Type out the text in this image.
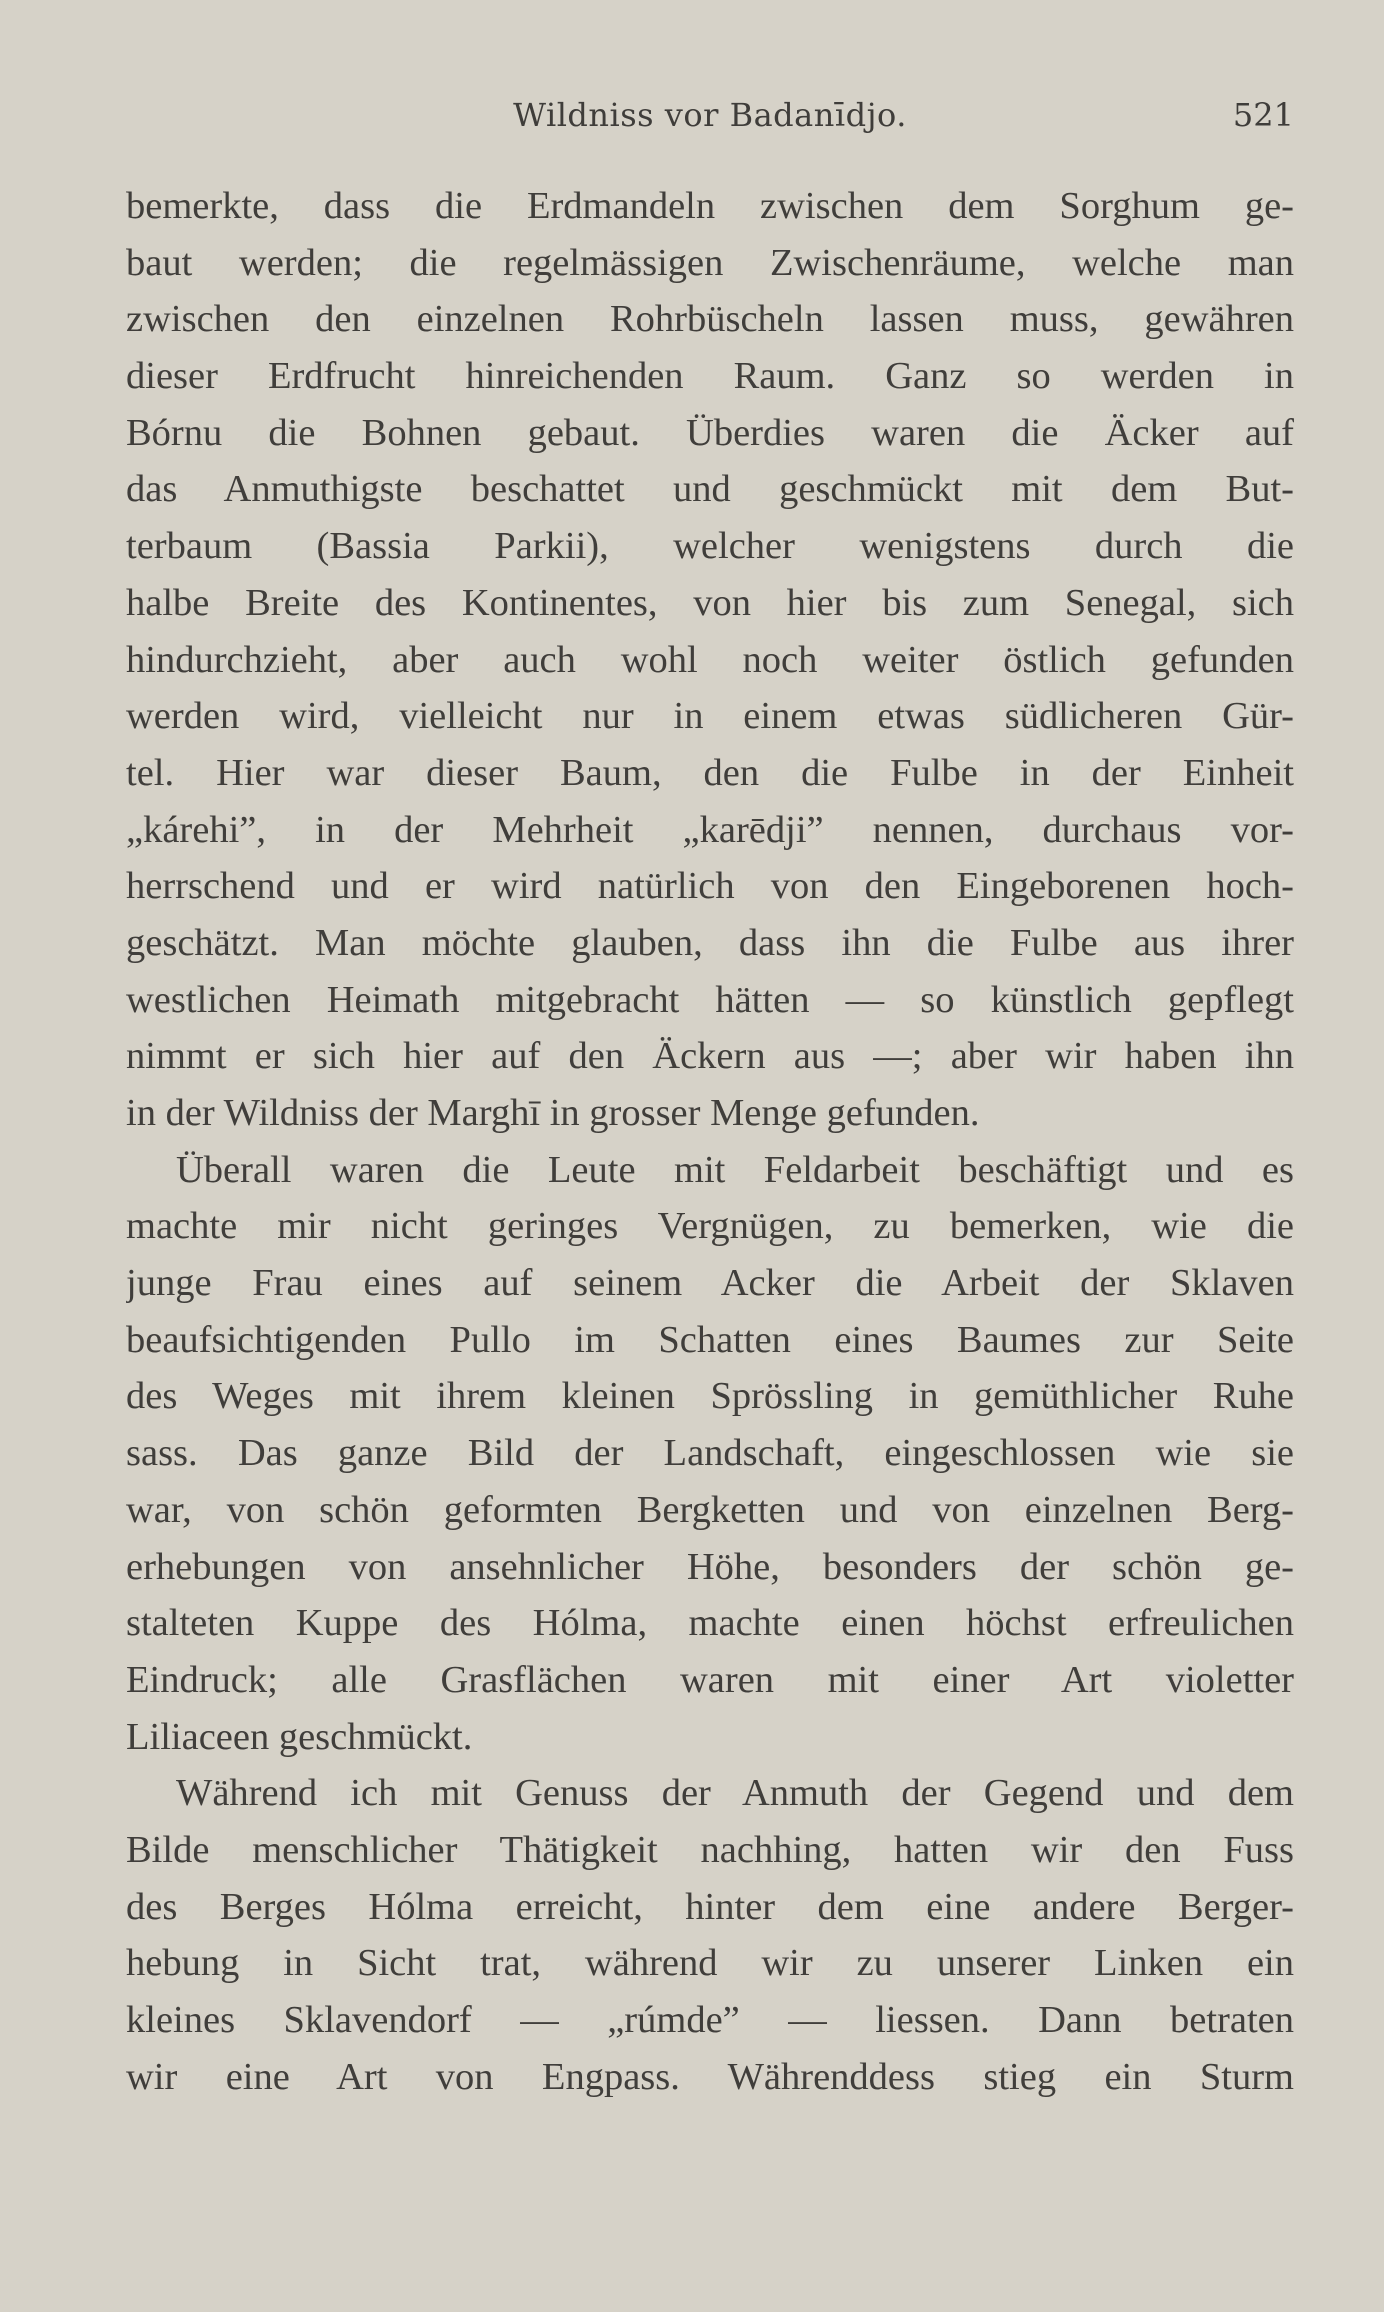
Wildniss vor Badanīdjo.	521
bemerkte, dass die Erdmandeln zwischen dem Sorghum ge-
baut werden; die regelmässigen Zwischenräume, welche man
zwischen den einzelnen Rohrbüscheln lassen muss, gewähren
dieser Erdfrucht hinreichenden Raum. Ganz so werden in
Bórnu die Bohnen gebaut. Überdies waren die Äcker auf
das Anmuthigste beschattet und geschmückt mit dem But-
terbaum (Bassia Parkii), welcher wenigstens durch die
halbe Breite des Kontinentes, von hier bis zum Senegal, sich
hindurchzieht, aber auch wohl noch weiter östlich gefunden
werden wird, vielleicht nur in einem etwas südlicheren Gür-
tel. Hier war dieser Baum, den die Fulbe in der Einheit
„kárehi”, in der Mehrheit „karēdji” nennen, durchaus vor-
herrschend und er wird natürlich von den Eingeborenen hoch-
geschätzt. Man möchte glauben, dass ihn die Fulbe aus ihrer
westlichen Heimath mitgebracht hätten — so künstlich gepflegt
nimmt er sich hier auf den Äckern aus —; aber wir haben ihn
in der Wildniss der Marghī in grosser Menge gefunden.
Überall waren die Leute mit Feldarbeit beschäftigt und es
machte mir nicht geringes Vergnügen, zu bemerken, wie die
junge Frau eines auf seinem Acker die Arbeit der Sklaven
beaufsichtigenden Pullo im Schatten eines Baumes zur Seite
des Weges mit ihrem kleinen Sprössling in gemüthlicher Ruhe
sass. Das ganze Bild der Landschaft, eingeschlossen wie sie
war, von schön geformten Bergketten und von einzelnen Berg-
erhebungen von ansehnlicher Höhe, besonders der schön ge-
stalteten Kuppe des Hólma, machte einen höchst erfreulichen
Eindruck; alle Grasflächen waren mit einer Art violetter
Liliaceen geschmückt.
Während ich mit Genuss der Anmuth der Gegend und dem
Bilde menschlicher Thätigkeit nachhing, hatten wir den Fuss
des Berges Hólma erreicht, hinter dem eine andere Berger-
hebung in Sicht trat, während wir zu unserer Linken ein
kleines Sklavendorf — „rúmde” — liessen. Dann betraten
wir eine Art von Engpass. Währenddess stieg ein Sturm
